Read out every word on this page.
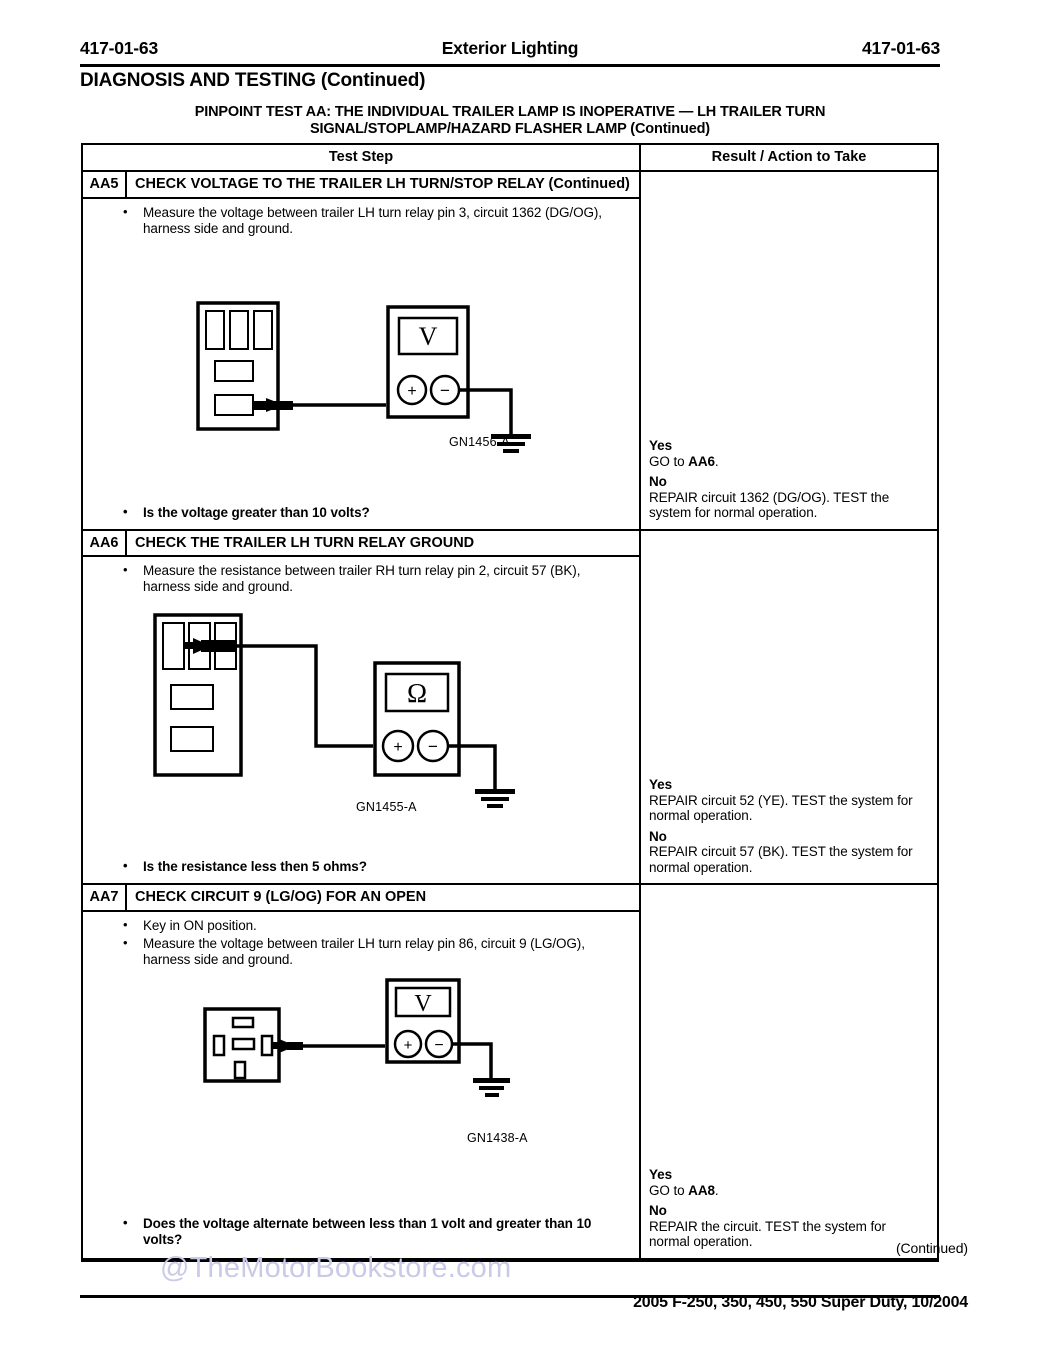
417-01-63	Exterior Lighting	417-01-63
DIAGNOSIS AND TESTING (Continued)
PINPOINT TEST AA: THE INDIVIDUAL TRAILER LAMP IS INOPERATIVE — LH TRAILER TURN
SIGNAL/STOPLAMP/HAZARD FLASHER LAMP (Continued)
Test Step	Result / Action to Take
AA5	CHECK VOLTAGE TO THE TRAILER LH TURN/STOP RELAY (Continued)
• Measure the voltage between trailer LH turn relay pin 3, circuit 1362 (DG/OG), harness side and ground.
V
+ −
GN1456-A
• Is the voltage greater than 10 volts?
Yes
GO to AA6.
No
REPAIR circuit 1362 (DG/OG). TEST the system for normal operation.
AA6	CHECK THE TRAILER LH TURN RELAY GROUND
• Measure the resistance between trailer RH turn relay pin 2, circuit 57 (BK), harness side and ground.
Ω
+ −
GN1455-A
• Is the resistance less then 5 ohms?
Yes
REPAIR circuit 52 (YE). TEST the system for normal operation.
No
REPAIR circuit 57 (BK). TEST the system for normal operation.
AA7	CHECK CIRCUIT 9 (LG/OG) FOR AN OPEN
• Key in ON position.
• Measure the voltage between trailer LH turn relay pin 86, circuit 9 (LG/OG), harness side and ground.
V
+ −
GN1438-A
• Does the voltage alternate between less than 1 volt and greater than 10 volts?
Yes
GO to AA8.
No
REPAIR the circuit. TEST the system for normal operation.	(Continued)
@TheMotorBookstore.com
2005 F-250, 350, 450, 550 Super Duty, 10/2004
